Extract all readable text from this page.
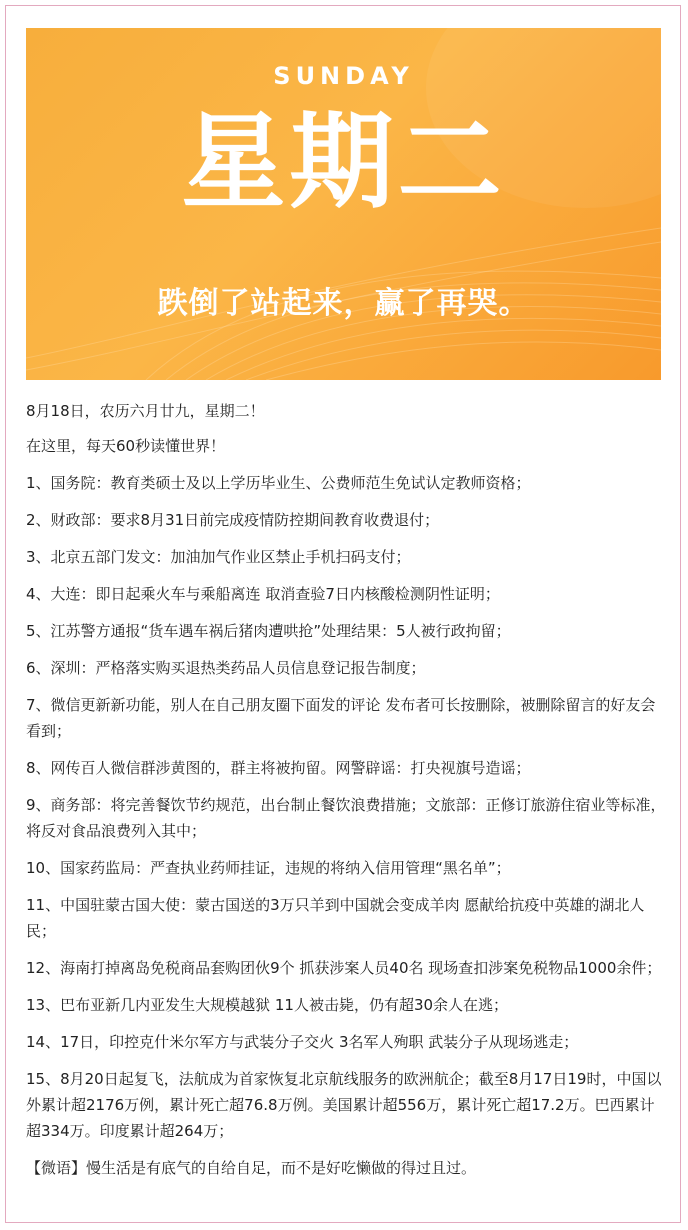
SUNDAY
星期二
跌倒了站起来，赢了再哭。

8月18日，农历六月廿九，星期二！

在这里，每天60秒读懂世界！

1、国务院：教育类硕士及以上学历毕业生、公费师范生免试认定教师资格；

2、财政部：要求8月31日前完成疫情防控期间教育收费退付；

3、北京五部门发文：加油加气作业区禁止手机扫码支付；

4、大连：即日起乘火车与乘船离连 取消查验7日内核酸检测阴性证明；

5、江苏警方通报“货车遇车祸后猪肉遭哄抢”处理结果：5人被行政拘留；

6、深圳：严格落实购买退热类药品人员信息登记报告制度；

7、微信更新新功能，别人在自己朋友圈下面发的评论 发布者可长按删除，被删除留言的好友会看到；

8、网传百人微信群涉黄图的，群主将被拘留。网警辟谣：打央视旗号造谣；

9、商务部：将完善餐饮节约规范，出台制止餐饮浪费措施；文旅部：正修订旅游住宿业等标准，将反对食品浪费列入其中；

10、国家药监局：严查执业药师挂证，违规的将纳入信用管理“黑名单”；

11、中国驻蒙古国大使：蒙古国送的3万只羊到中国就会变成羊肉 愿献给抗疫中英雄的湖北人民；

12、海南打掉离岛免税商品套购团伙9个 抓获涉案人员40名 现场查扣涉案免税物品1000余件；

13、巴布亚新几内亚发生大规模越狱 11人被击毙，仍有超30余人在逃；

14、17日，印控克什米尔军方与武装分子交火 3名军人殉职 武装分子从现场逃走；

15、8月20日起复飞，法航成为首家恢复北京航线服务的欧洲航企；截至8月17日19时，中国以外累计超2176万例，累计死亡超76.8万例。美国累计超556万，累计死亡超17.2万。巴西累计超334万。印度累计超264万；

【微语】慢生活是有底气的自给自足，而不是好吃懒做的得过且过。
